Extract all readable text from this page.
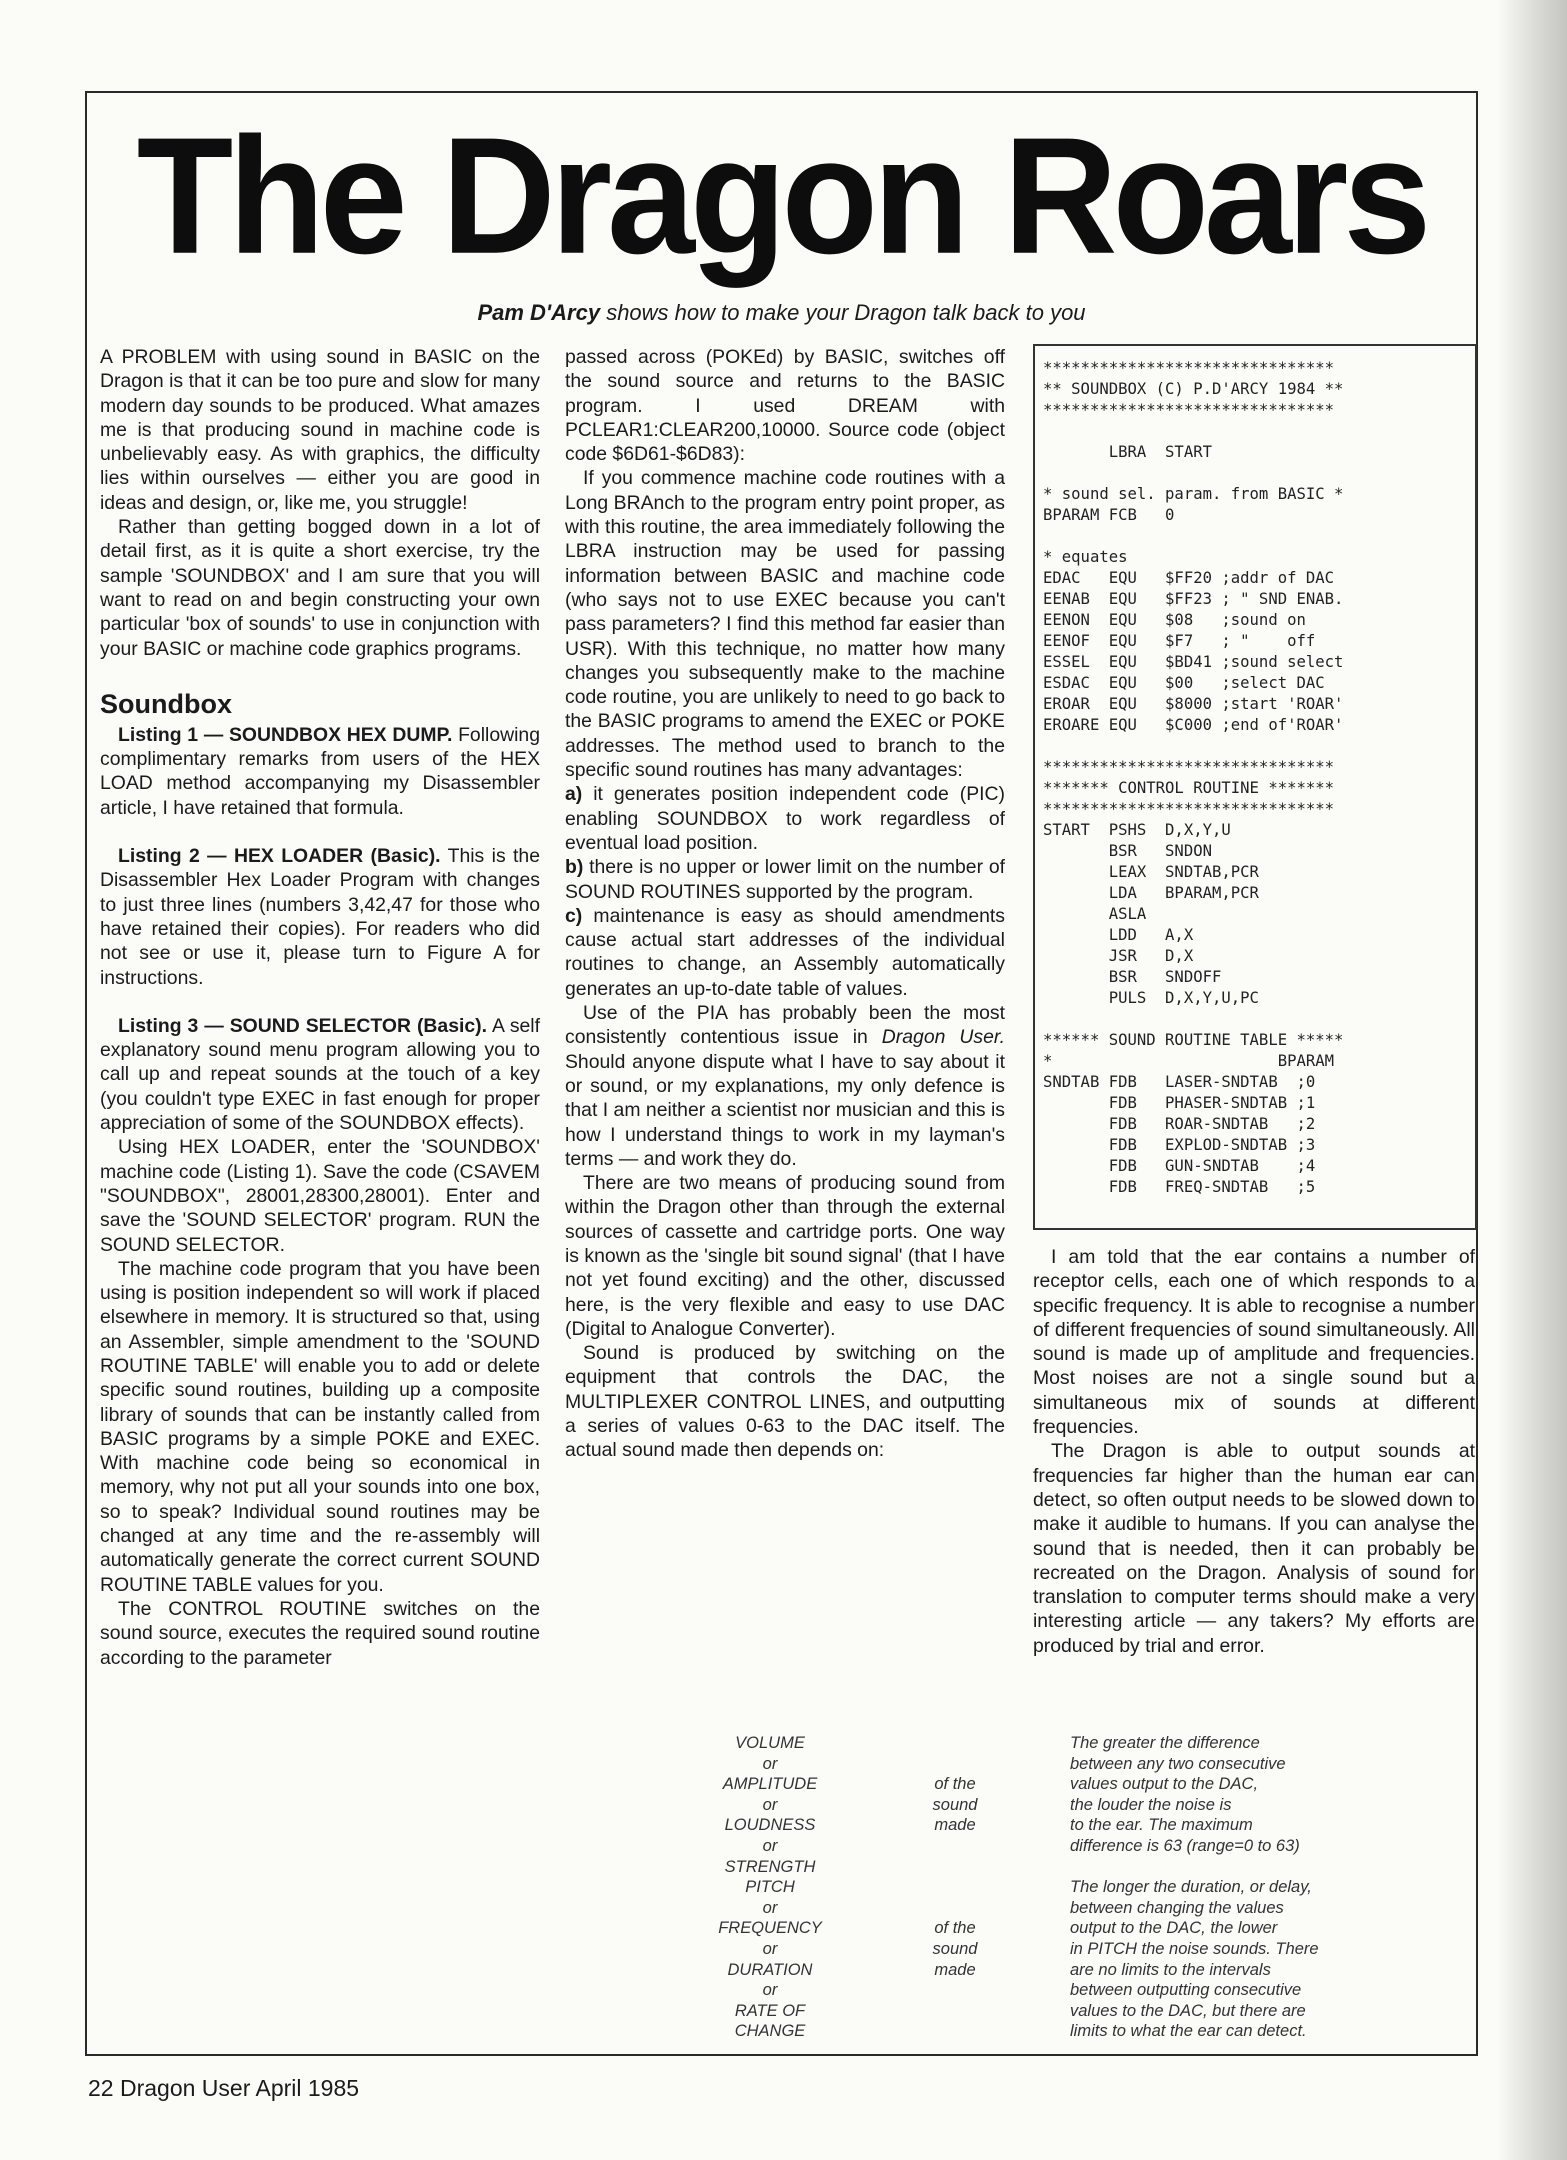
The Dragon Roars
Pam D'Arcy shows how to make your Dragon talk back to you

A PROBLEM with using sound in BASIC on the Dragon is that it can be too pure and slow for many modern day sounds to be produced. What amazes me is that producing sound in machine code is unbelievably easy. As with graphics, the difficulty lies within ourselves — either you are good in ideas and design, or, like me, you struggle!

Rather than getting bogged down in a lot of detail first, as it is quite a short exercise, try the sample 'SOUNDBOX' and I am sure that you will want to read on and begin constructing your own particular 'box of sounds' to use in conjunction with your BASIC or machine code graphics programs.

Soundbox

Listing 1 — SOUNDBOX HEX DUMP. Following complimentary remarks from users of the HEX LOAD method accompanying my Disassembler article, I have retained that formula.

Listing 2 — HEX LOADER (Basic). This is the Disassembler Hex Loader Program with changes to just three lines (numbers 3,42,47 for those who have retained their copies). For readers who did not see or use it, please turn to Figure A for instructions.

Listing 3 — SOUND SELECTOR (Basic). A self explanatory sound menu program allowing you to call up and repeat sounds at the touch of a key (you couldn't type EXEC in fast enough for proper appreciation of some of the SOUNDBOX effects).

Using HEX LOADER, enter the 'SOUNDBOX' machine code (Listing 1). Save the code (CSAVEM "SOUNDBOX", 28001,28300,28001). Enter and save the 'SOUND SELECTOR' program. RUN the SOUND SELECTOR.

The machine code program that you have been using is position independent so will work if placed elsewhere in memory. It is structured so that, using an Assembler, simple amendment to the 'SOUND ROUTINE TABLE' will enable you to add or delete specific sound routines, building up a composite library of sounds that can be instantly called from BASIC programs by a simple POKE and EXEC. With machine code being so economical in memory, why not put all your sounds into one box, so to speak? Individual sound routines may be changed at any time and the re-assembly will automatically generate the correct current SOUND ROUTINE TABLE values for you.

The CONTROL ROUTINE switches on the sound source, executes the required sound routine according to the parameter

passed across (POKEd) by BASIC, switches off the sound source and returns to the BASIC program. I used DREAM with PCLEAR1:CLEAR200,10000. Source code (object code $6D61-$6D83):

If you commence machine code routines with a Long BRAnch to the program entry point proper, as with this routine, the area immediately following the LBRA instruction may be used for passing information between BASIC and machine code (who says not to use EXEC because you can't pass parameters? I find this method far easier than USR). With this technique, no matter how many changes you subsequently make to the machine code routine, you are unlikely to need to go back to the BASIC programs to amend the EXEC or POKE addresses. The method used to branch to the specific sound routines has many advantages:

a) it generates position independent code (PIC) enabling SOUNDBOX to work regardless of eventual load position.

b) there is no upper or lower limit on the number of SOUND ROUTINES supported by the program.

c) maintenance is easy as should amendments cause actual start addresses of the individual routines to change, an Assembly automatically generates an up-to-date table of values.

Use of the PIA has probably been the most consistently contentious issue in Dragon User. Should anyone dispute what I have to say about it or sound, or my explanations, my only defence is that I am neither a scientist nor musician and this is how I understand things to work in my layman's terms — and work they do.

There are two means of producing sound from within the Dragon other than through the external sources of cassette and cartridge ports. One way is known as the 'single bit sound signal' (that I have not yet found exciting) and the other, discussed here, is the very flexible and easy to use DAC (Digital to Analogue Converter).

Sound is produced by switching on the equipment that controls the DAC, the MULTIPLEXER CONTROL LINES, and outputting a series of values 0-63 to the DAC itself. The actual sound made then depends on:

*******************************
** SOUNDBOX (C) P.D'ARCY 1984 **
*******************************

LBRA  START

* sound sel. param. from BASIC *
BPARAM FCB   0

* equates
EDAC   EQU   $FF20 ;addr of DAC
EENAB  EQU   $FF23 ; " SND ENAB.
EENON  EQU   $08   ;sound on
EENOF  EQU   $F7   ; "    off
ESSEL  EQU   $BD41 ;sound select
ESDAC  EQU   $00   ;select DAC
EROAR  EQU   $8000 ;start 'ROAR'
EROARE EQU   $C000 ;end of'ROAR'

*******************************
******* CONTROL ROUTINE *******
*******************************
START  PSHS  D,X,Y,U
BSR   SNDON
LEAX  SNDTAB,PCR
LDA   BPARAM,PCR
ASLA
LDD   A,X
JSR   D,X
BSR   SNDOFF
PULS  D,X,Y,U,PC

****** SOUND ROUTINE TABLE *****
*                        BPARAM
SNDTAB FDB   LASER-SNDTAB  ;0
FDB   PHASER-SNDTAB ;1
FDB   ROAR-SNDTAB   ;2
FDB   EXPLOD-SNDTAB ;3
FDB   GUN-SNDTAB    ;4
FDB   FREQ-SNDTAB   ;5

I am told that the ear contains a number of receptor cells, each one of which responds to a specific frequency. It is able to recognise a number of different frequencies of sound simultaneously. All sound is made up of amplitude and frequencies. Most noises are not a single sound but a simultaneous mix of sounds at different frequencies.

The Dragon is able to output sounds at frequencies far higher than the human ear can detect, so often output needs to be slowed down to make it audible to humans. If you can analyse the sound that is needed, then it can probably be recreated on the Dragon. Analysis of sound for translation to computer terms should make a very interesting article — any takers? My efforts are produced by trial and error.

VOLUME
or
AMPLITUDE
or
LOUDNESS
or
STRENGTH
PITCH
or
FREQUENCY
or
DURATION
or
RATE OF
CHANGE

of the
sound
made

of the
sound
made
The greater the difference
between any two consecutive
values output to the DAC,
the louder the noise is
to the ear. The maximum
difference is 63 (range=0 to 63)

The longer the duration, or delay,
between changing the values
output to the DAC, the lower
in PITCH the noise sounds. There
are no limits to the intervals
between outputting consecutive
values to the DAC, but there are
limits to what the ear can detect.
22 Dragon User April 1985
